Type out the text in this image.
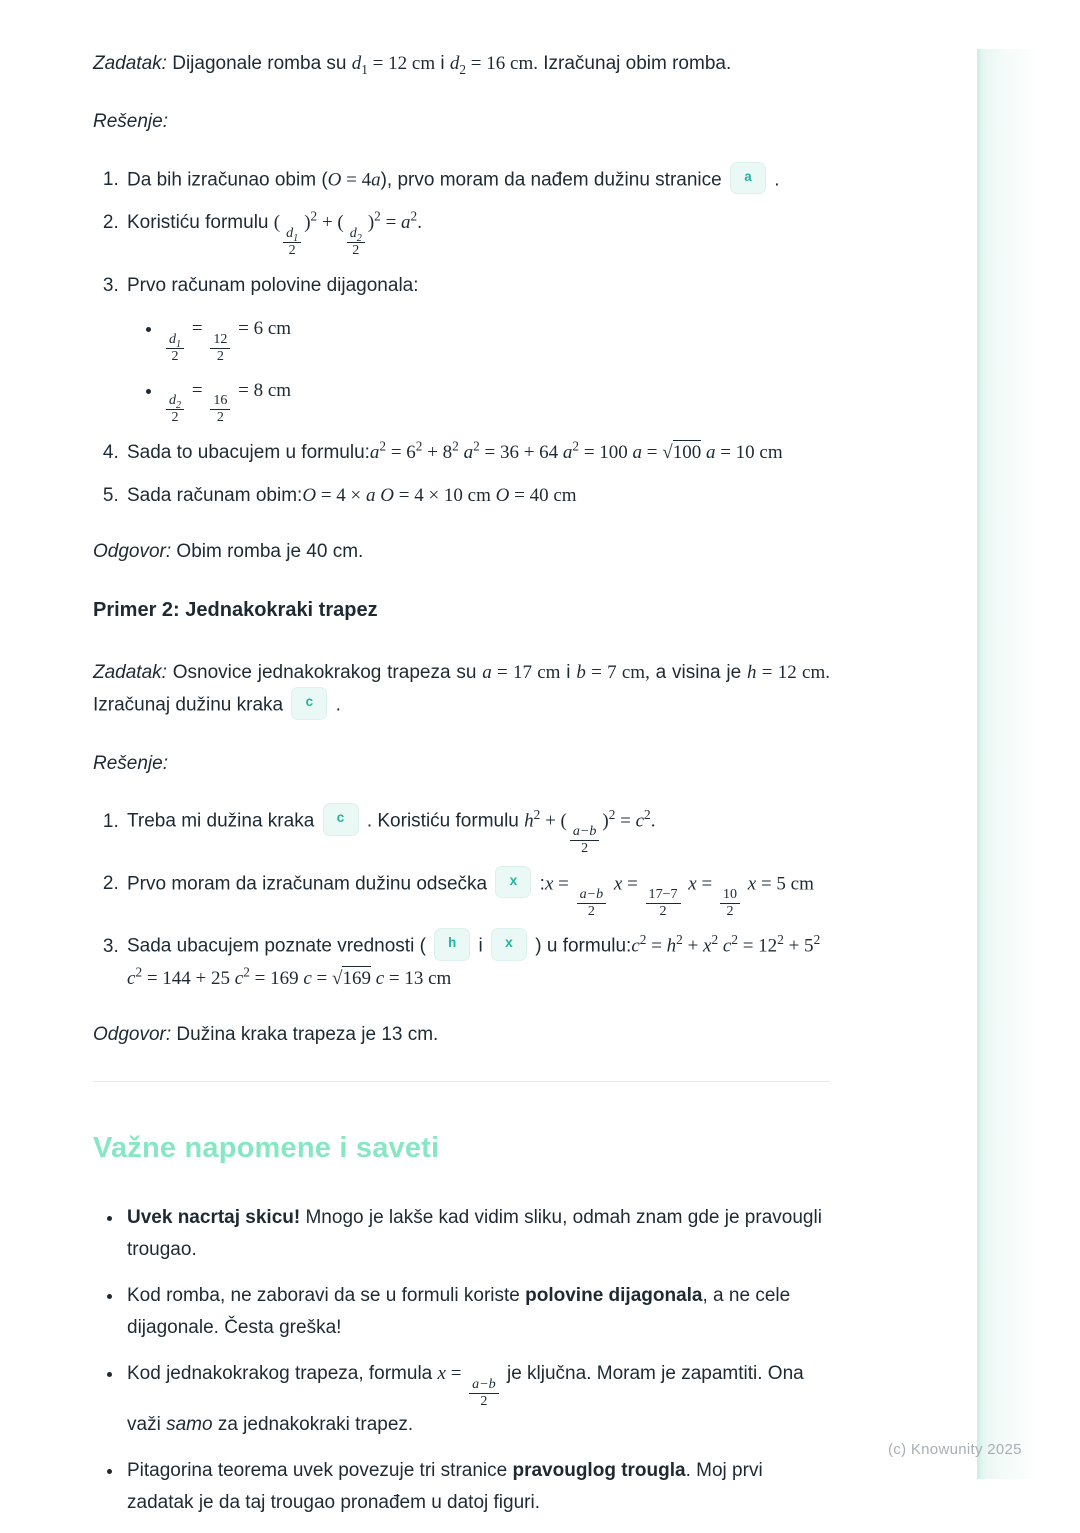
(c) Knowunity 2025

Zadatak: Dijagonale romba su $d_1 = 12$ cm i $d_2 = 16$ cm. Izračunaj obim romba.

Rešenje:

1. Da bih izračunao obim (O = 4a), prvo moram da nađem dužinu stranice a .
2. Koristiću formulu (
$\frac{d_1}{2}$
)$^2$ + (
$\frac{d_2}{2}$
)$^2 = a^2$.
3. Prvo računam polovine dijagonala:
• $\frac{d_1}{2}$
=
$\frac{12}{2}$
= 6 cm
• $\frac{d_2}{2}$
=
$\frac{16}{2}$
= 8 cm
4. Sada to ubacujem u $formulu:a^2 = 6^2 + 8^2$ $a^2 = 36 + 64$ $a^2 = 100$ a = √100 a = 10 cm
5. Sada računam obim:O = 4 × a O = 4 × 10 cm O = 40 cm

Odgovor: Obim romba je 40 cm.

Primer 2: Jednakokraki trapez

Zadatak: Osnovice jednakokrakog trapeza su a = 17 cm i b = 7 cm, a visina je h = 12 cm. Izračunaj dužinu kraka c .

Rešenje:

1. Treba mi dužina kraka c . Koristiću formulu $h^2$ + (
$\frac{a-b}{2}$
)$^2 = c^2$.
2. Prvo moram da izračunam dužinu odsečka x :x =
$\frac{a-b}{2}$
x =
$\frac{17-7}{2}$
x =
$\frac{10}{2}$
x = 5 cm
3. Sada ubacujem poznate vrednosti ( h i x ) u $formulu:c^2 = h^2 + x^2$ $c^2 = 12^2 + 5^2$ $c^2 = 144 + 25$ $c^2 = 169$ c = √169 c = 13 cm

Odgovor: Dužina kraka trapeza je 13 cm.

Važne napomene i saveti
• Uvek nacrtaj skicu! Mnogo je lakše kad vidim sliku, odmah znam gde je pravougli trougao.
• Kod romba, ne zaboravi da se u formuli koriste polovine dijagonala, a ne cele dijagonale. Česta greška!
• Kod jednakokrakog trapeza, formula x =
$\frac{a-b}{2}$
je ključna. Moram je zapamtiti. Ona važi samo za jednakokraki trapez.
• Pitagorina teorema uvek povezuje tri stranice pravouglog trougla. Moj prvi zadatak je da taj trougao pronađem u datoj figuri.
